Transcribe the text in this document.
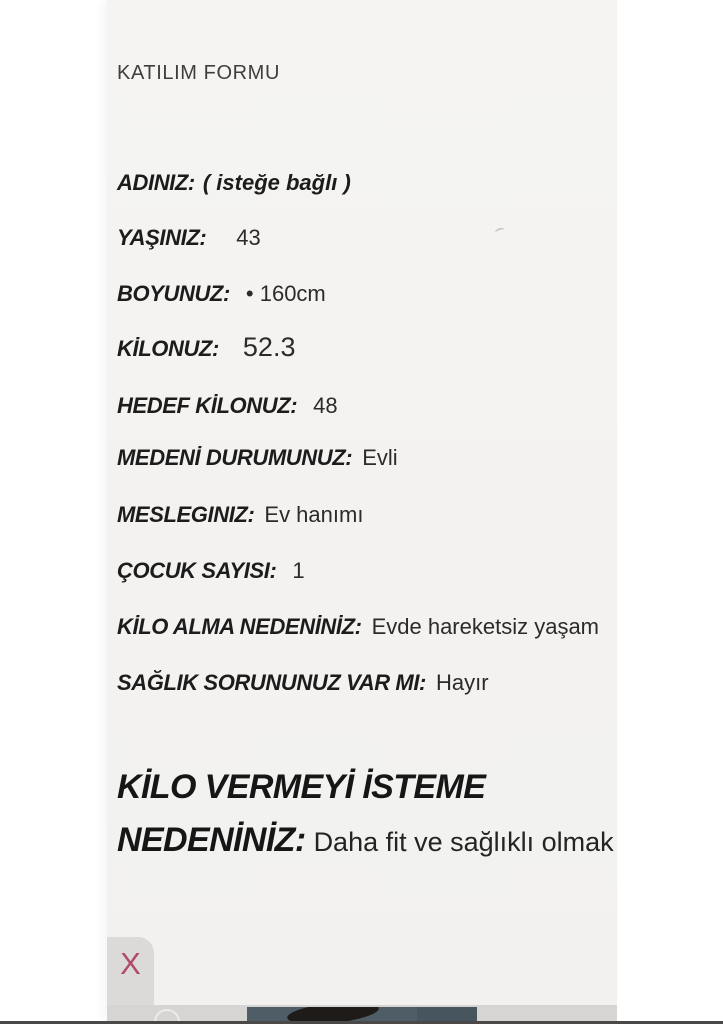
KATILIM FORMU
ADINIZ: ( isteğe bağlı )
YAŞINIZ: 43
BOYUNUZ: • 160cm
KİLONUZ: 52.3
HEDEF KİLONUZ: 48
MEDENİ DURUMUNUZ: Evli
MESLEGINIZ: Ev hanımı
ÇOCUK SAYISI: 1
KİLO ALMA NEDENİNİZ: Evde hareketsiz yaşam
SAĞLIK SORUNUNUZ VAR MI: Hayır
KİLO VERMEYİ İSTEME NEDENİNİZ: Daha fit ve sağlıklı olmak
X
